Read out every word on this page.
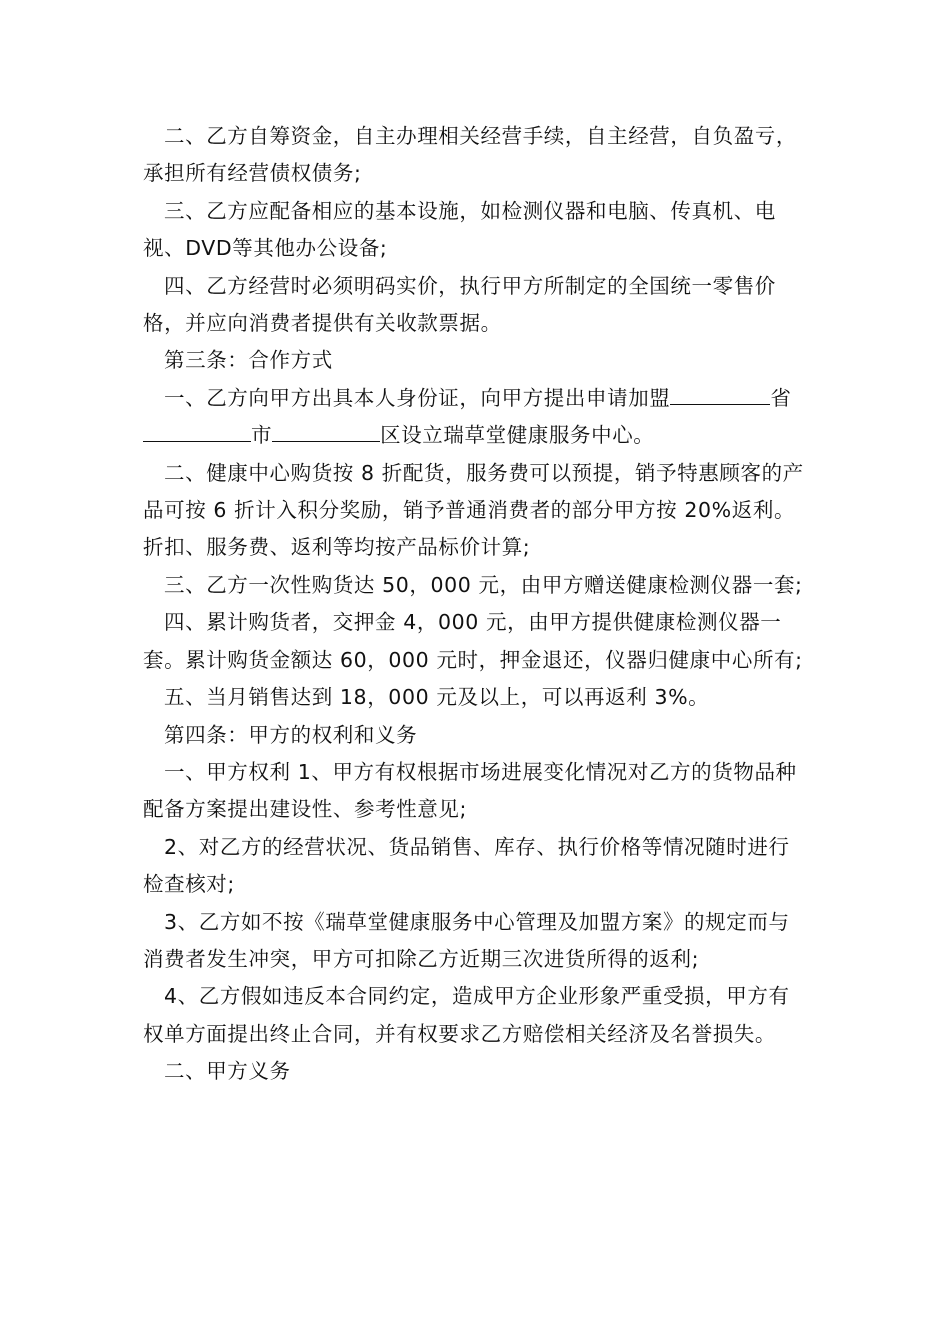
二、乙方自筹资金，自主办理相关经营手续，自主经营，自负盈亏，承担所有经营债权债务;

三、乙方应配备相应的基本设施，如检测仪器和电脑、传真机、电视、DVD等其他办公设备;

四、乙方经营时必须明码实价，执行甲方所制定的全国统一零售价格，并应向消费者提供有关收款票据。

第三条：合作方式

一、乙方向甲方出具本人身份证，向甲方提出申请加盟	省市	区设立瑞草堂健康服务中心。

二、健康中心购货按 8 折配货，服务费可以预提，销予特惠顾客的产品可按 6 折计入积分奖励，销予普通消费者的部分甲方按 20%返利。折扣、服务费、返利等均按产品标价计算;

三、乙方一次性购货达 50，000 元，由甲方赠送健康检测仪器一套;

四、累计购货者，交押金 4，000 元，由甲方提供健康检测仪器一套。累计购货金额达 60，000 元时，押金退还，仪器归健康中心所有;

五、当月销售达到 18，000 元及以上，可以再返利 3%。

第四条：甲方的权利和义务

一、甲方权利 1、甲方有权根据市场进展变化情况对乙方的货物品种配备方案提出建设性、参考性意见;

2、对乙方的经营状况、货品销售、库存、执行价格等情况随时进行检查核对;

3、乙方如不按《瑞草堂健康服务中心管理及加盟方案》的规定而与消费者发生冲突，甲方可扣除乙方近期三次进货所得的返利;

4、乙方假如违反本合同约定，造成甲方企业形象严重受损，甲方有权单方面提出终止合同，并有权要求乙方赔偿相关经济及名誉损失。

二、甲方义务
